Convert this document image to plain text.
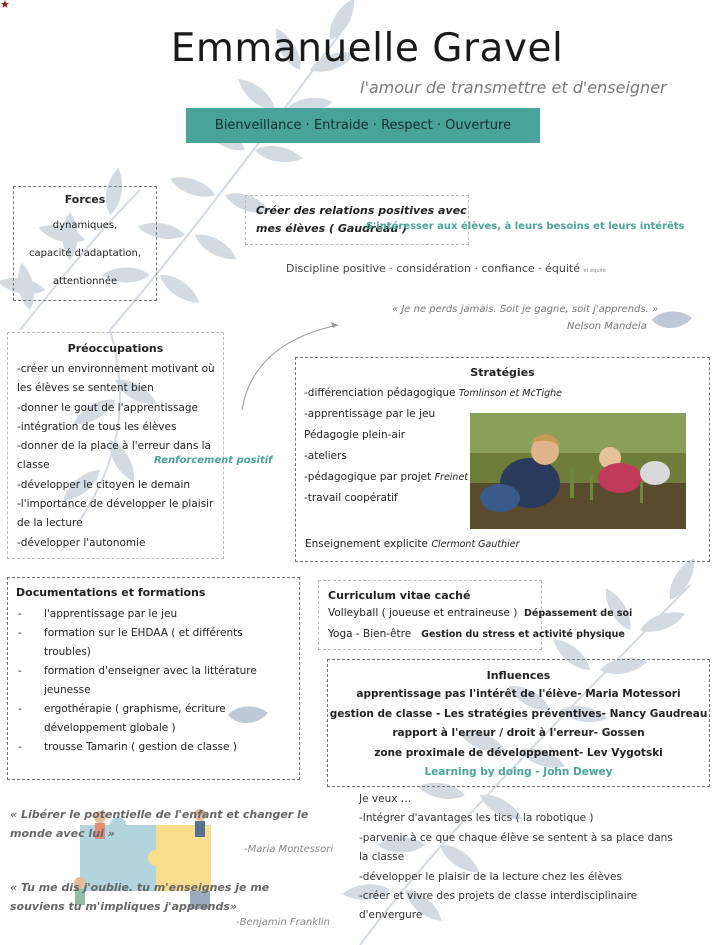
★
Emmanuelle Gravel
l'amour de transmettre et d'enseigner
Bienveillance · Entraide · Respect · Ouverture
Forces
dynamiques,
capacité d'adaptation,
attentionnée
Créer des relations positives avec mes élèves ( Gaudreau )
S'intéresser aux élèves, à leurs besoins et leurs intérêts
Discipline positive · considération · confiance · équité et équité
« Je ne perds jamais. Soit je gagne, soit j'apprends. »
Nelson Mandela
Préoccupations
-créer un environnement motivant où
les élèves se sentent bien
-donner le gout de l'apprentissage
-intégration de tous les élèves
-donner de la place à l'erreur dans la
classe
-développer le citoyen le demain
-l'importance de développer le plaisir
de la lecture
-développer l'autonomie
Renforcement positif
Stratégies
-différenciation pédagogique Tomlinson et McTighe
-apprentissage par le jeu
Pédagogie plein-air
-ateliers
-pédagogique par projet Freinet
-travail coopératif
Enseignement explicite Clermont Gauthier
Documentations et formations
-	l'apprentissage par le jeu
-	formation sur le EHDAA ( et différents
troubles)
-	formation d'enseigner avec la littérature
jeunesse
-	ergothérapie ( graphisme, écriture
développement globale )
-	trousse Tamarin ( gestion de classe )
Curriculum vitae caché
Volleyball ( joueuse et entraineuse ) Dépassement de soi
Yoga - Bien-être Gestion du stress et activité physique
Influences
apprentissage pas l'intérêt de l'élève- Maria Motessori
gestion de classe - Les stratégies préventives- Nancy Gaudreau
rapport à l'erreur / droit à l'erreur- Gossen
zone proximale de développement- Lev Vygotski
Learning by doing - John Dewey
Je veux …
-Intégrer d'avantages les tics ( la robotique )
-parvenir à ce que chaque élève se sentent à sa place dans
la classe
-développer le plaisir de la lecture chez les élèves
-créer et vivre des projets de classe interdisciplinaire
d'envergure
« Libérer le potentielle de l'enfant et changer le monde avec lui »
-Maria Montessori
« Tu me dis j'oublie. tu m'enseignes je me souviens tu m'impliques j'apprends»
-Benjamin Franklin
